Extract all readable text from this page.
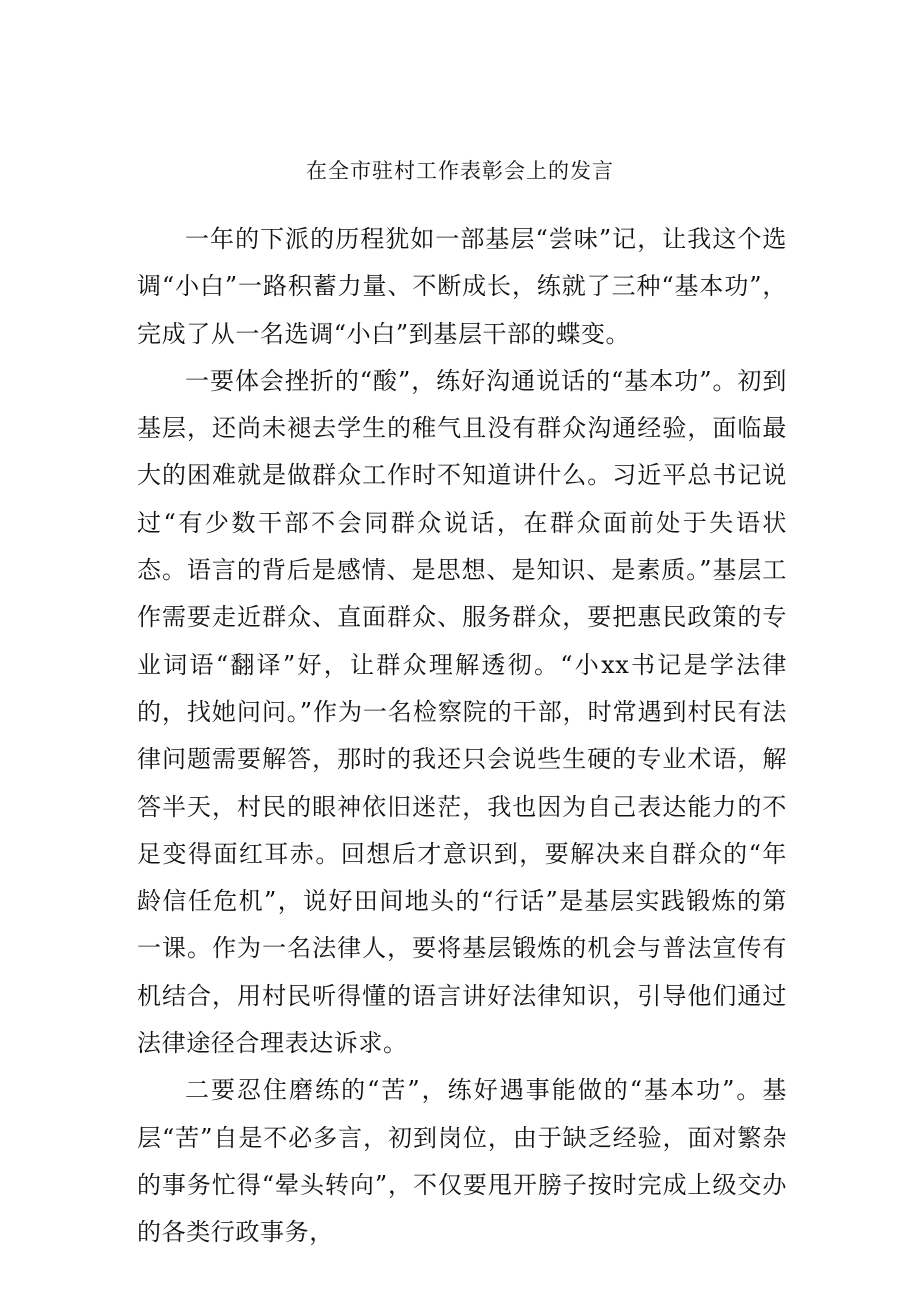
在全市驻村工作表彰会上的发言

一年的下派的历程犹如一部基层“尝味”记，让我这个选调“小白”一路积蓄力量、不断成长，练就了三种“基本功”，完成了从一名选调“小白”到基层干部的蝶变。

一要体会挫折的“酸”，练好沟通说话的“基本功”。初到基层，还尚未褪去学生的稚气且没有群众沟通经验，面临最大的困难就是做群众工作时不知道讲什么。习近平总书记说过“有少数干部不会同群众说话，在群众面前处于失语状态。语言的背后是感情、是思想、是知识、是素质。”基层工作需要走近群众、直面群众、服务群众，要把惠民政策的专业词语“翻译”好，让群众理解透彻。“小xx书记是学法律的，找她问问。”作为一名检察院的干部，时常遇到村民有法律问题需要解答，那时的我还只会说些生硬的专业术语，解答半天，村民的眼神依旧迷茫，我也因为自己表达能力的不足变得面红耳赤。回想后才意识到，要解决来自群众的“年龄信任危机”，说好田间地头的“行话”是基层实践锻炼的第一课。作为一名法律人，要将基层锻炼的机会与普法宣传有机结合，用村民听得懂的语言讲好法律知识，引导他们通过法律途径合理表达诉求。

二要忍住磨练的“苦”，练好遇事能做的“基本功”。基层“苦”自是不必多言，初到岗位，由于缺乏经验，面对繁杂的事务忙得“晕头转向”，不仅要甩开膀子按时完成上级交办的各类行政事务，
